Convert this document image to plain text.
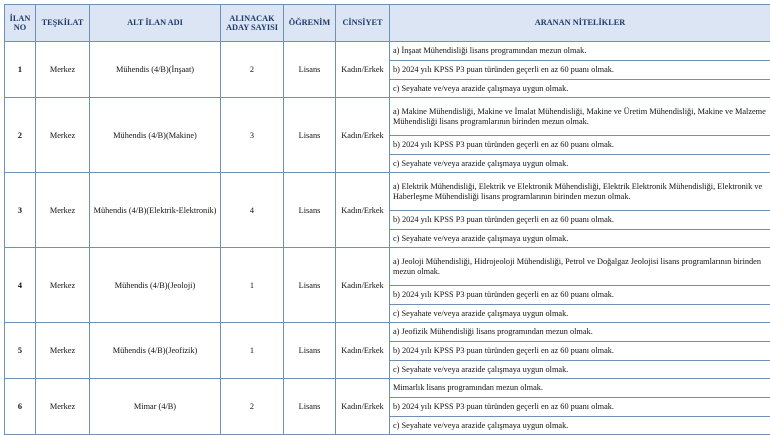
İLAN NO	TEŞKİLAT	ALT İLAN ADI	ALINACAK ADAY SAYISI	ÖĞRENİM	CİNSİYET	ARANAN NİTELİKLER
1	Merkez	Mühendis (4/B)(İnşaat)	2	Lisans	Kadın/Erkek	a) İnşaat Mühendisliği lisans programından mezun olmak.
						b) 2024 yılı KPSS P3 puan türünden geçerli en az 60 puanı olmak.
						c) Seyahate ve/veya arazide çalışmaya uygun olmak.
2	Merkez	Mühendis (4/B)(Makine)	3	Lisans	Kadın/Erkek	a) Makine Mühendisliği, Makine ve İmalat Mühendisliği, Makine ve Üretim Mühendisliği, Makine ve Malzeme Mühendisliği lisans programlarının birinden mezun olmak.
						b) 2024 yılı KPSS P3 puan türünden geçerli en az 60 puanı olmak.
						c) Seyahate ve/veya arazide çalışmaya uygun olmak.
3	Merkez	Mühendis (4/B)(Elektrik-Elektronik)	4	Lisans	Kadın/Erkek	a) Elektrik Mühendisliği, Elektrik ve Elektronik Mühendisliği, Elektrik Elektronik Mühendisliği, Elektronik ve Haberleşme Mühendisliği lisans programlarının birinden mezun olmak.
						b) 2024 yılı KPSS P3 puan türünden geçerli en az 60 puanı olmak.
						c) Seyahate ve/veya arazide çalışmaya uygun olmak.
4	Merkez	Mühendis (4/B)(Jeoloji)	1	Lisans	Kadın/Erkek	a) Jeoloji Mühendisliği, Hidrojeoloji Mühendisliği, Petrol ve Doğalgaz Jeolojisi lisans programlarının birinden mezun olmak.
						b) 2024 yılı KPSS P3 puan türünden geçerli en az 60 puanı olmak.
						c) Seyahate ve/veya arazide çalışmaya uygun olmak.
5	Merkez	Mühendis (4/B)(Jeofizik)	1	Lisans	Kadın/Erkek	a) Jeofizik Mühendisliği lisans programından mezun olmak.
						b) 2024 yılı KPSS P3 puan türünden geçerli en az 60 puanı olmak.
						c) Seyahate ve/veya arazide çalışmaya uygun olmak.
6	Merkez	Mimar (4/B)	2	Lisans	Kadın/Erkek	Mimarlık lisans programından mezun olmak.
						b) 2024 yılı KPSS P3 puan türünden geçerli en az 60 puanı olmak.
						c) Seyahate ve/veya arazide çalışmaya uygun olmak.
